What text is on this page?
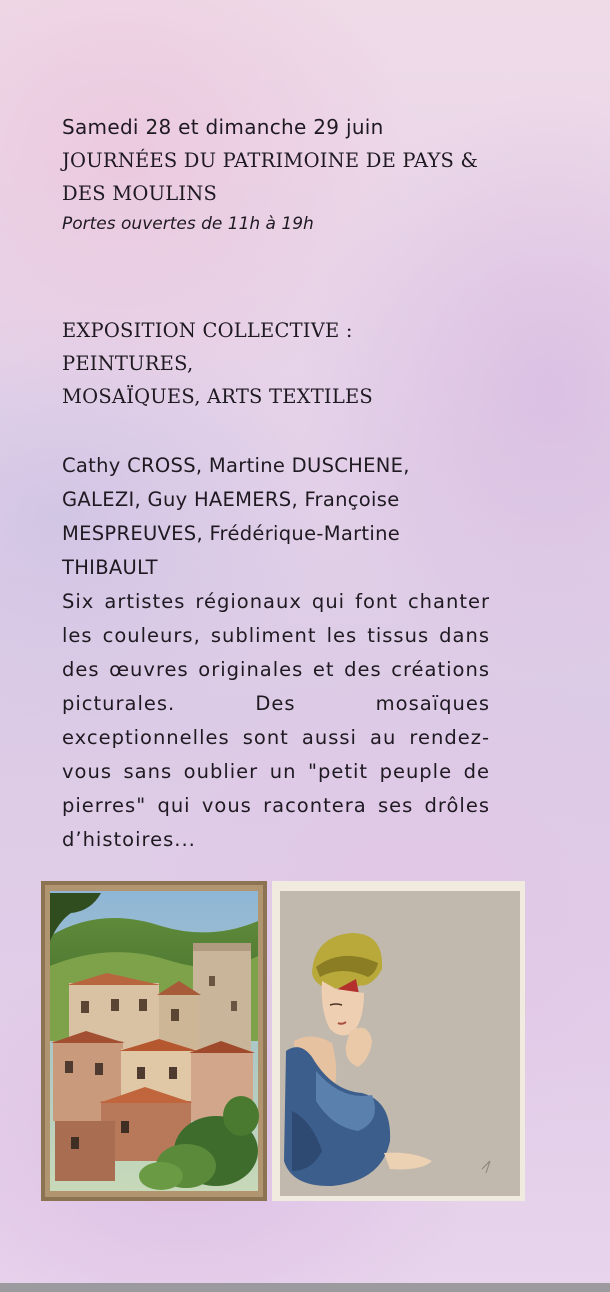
Samedi 28 et dimanche 29 juin

JOURNÉES DU PATRIMOINE DE PAYS &

DES MOULINS

Portes ouvertes de 11h à 19h

EXPOSITION COLLECTIVE : PEINTURES,

MOSAÏQUES, ARTS TEXTILES

Cathy CROSS, Martine DUSCHENE,
GALEZI, Guy HAEMERS, Françoise
MESPREUVES, Frédérique-Martine
THIBAULT

Six artistes régionaux qui font chanter les couleurs, subliment les tissus dans des œuvres originales et des créations picturales. Des mosaïques exceptionnelles sont aussi au rendez-vous sans oublier un "petit peuple de pierres" qui vous racontera ses drôles d’histoires...
